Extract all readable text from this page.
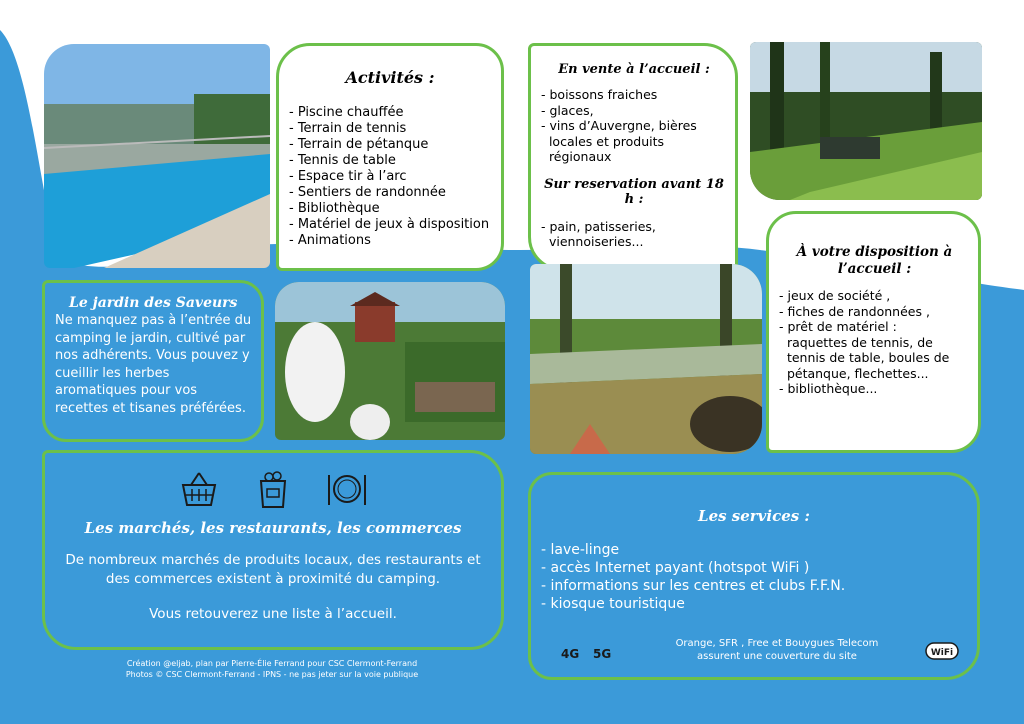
Activités :
- Piscine chauffée
- Terrain de tennis
- Terrain de pétanque
- Tennis de table
- Espace tir à l’arc
- Sentiers de randonnée
- Bibliothèque
- Matériel de jeux à disposition
- Animations
En vente à l’accueil :
- boissons fraiches
- glaces,
- vins d’Auvergne, bières
locales et produits
régionaux
Sur reservation avant 18 h :
- pain, patisseries,
viennoiseries...
Le jardin des Saveurs

Ne manquez pas à l’entrée du camping le jardin, cultivé par nos adhérents. Vous pouvez y cueillir les herbes aromatiques pour vos recettes et tisanes préférées.

À votre disposition à l’accueil :
- jeux de société ,
- fiches de randonnées ,
- prêt de matériel :
raquettes de tennis, de
tennis de table, boules de
pétanque, flechettes...
- bibliothèque...
Les marchés, les restaurants, les commerces

De nombreux marchés de produits locaux, des restaurants et des commerces existent à proximité du camping.

Vous retouverez une liste à l’accueil.

Les services :
- lave-linge
- accès Internet payant (hotspot WiFi )
- informations sur les centres et clubs F.F.N.
- kiosque touristique
4G 5G
Orange, SFR , Free et Bouygues Telecom
assurent une couverture du site	WiFi
Création @eljab, plan par Pierre-Élie Ferrand pour CSC Clermont-Ferrand
Photos © CSC Clermont-Ferrand - IPNS - ne pas jeter sur la voie publique
